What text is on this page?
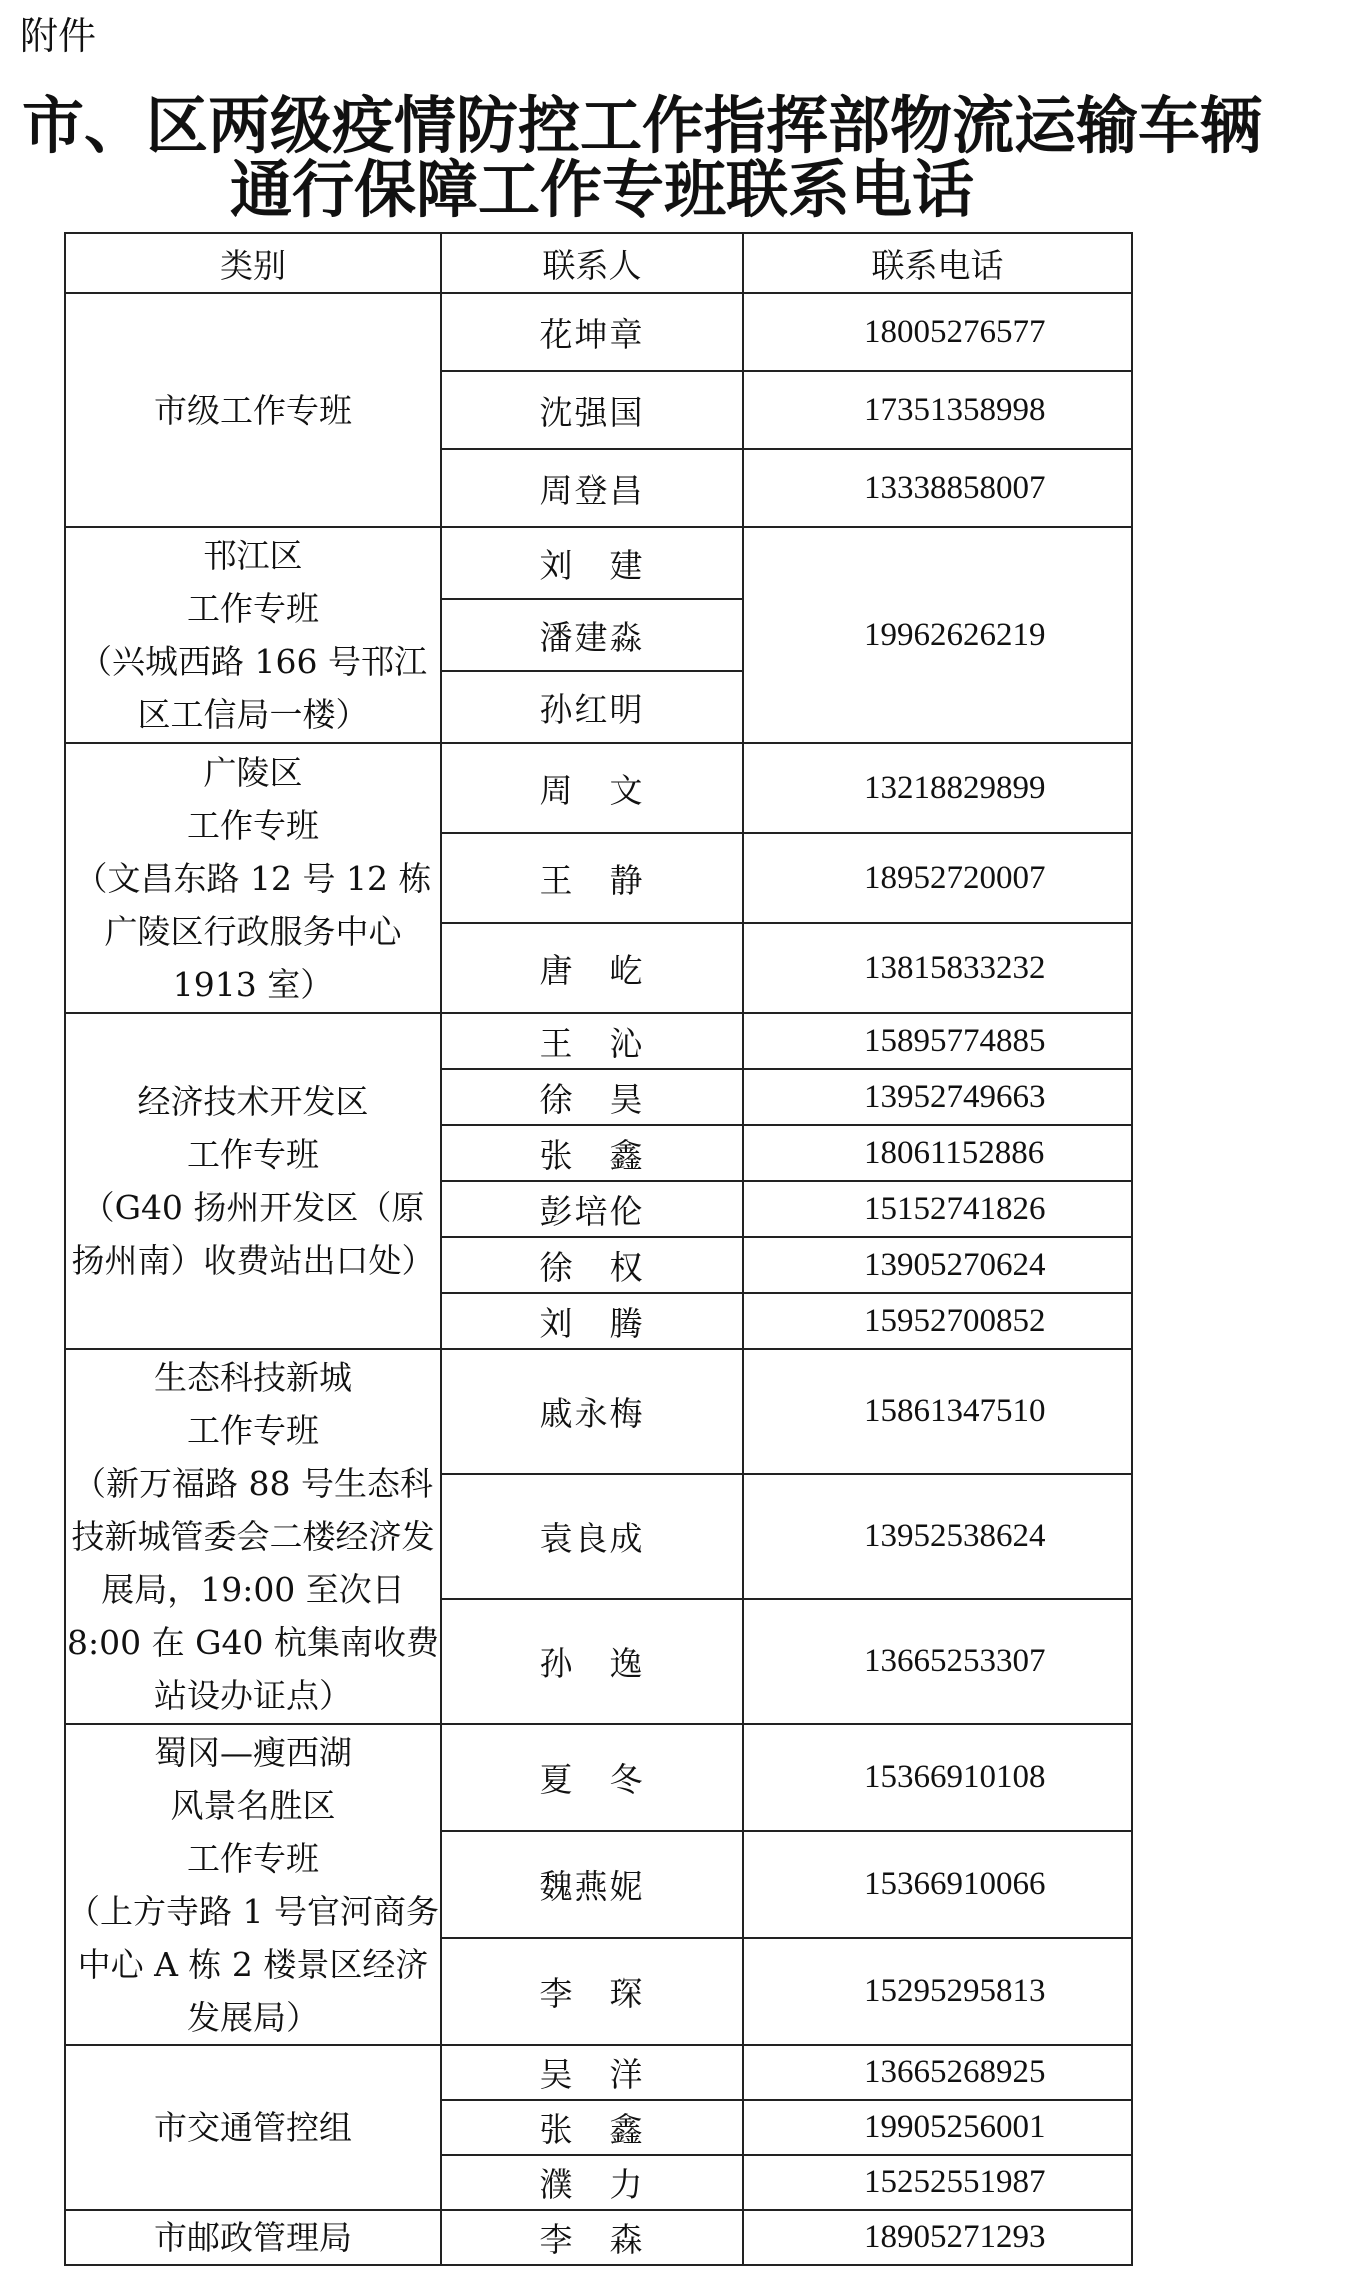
附件
市、区两级疫情防控工作指挥部物流运输车辆
通行保障工作专班联系电话
类别	联系人	联系电话
市级工作专班	花坤章	18005276577
	沈强国	17351358998
	周登昌	13338858007
邗江区
工作专班
（兴城西路 166 号邗江区工信局一楼）	刘　建	19962626219
	潘建淼	
	孙红明	
广陵区
工作专班
（文昌东路 12 号 12 栋广陵区行政服务中心 1913 室）	周　文	13218829899
	王　静	18952720007
	唐　屹	13815833232
经济技术开发区
工作专班
（G40 扬州开发区（原扬州南）收费站出口处）	王　沁	15895774885
	徐　昊	13952749663
	张　鑫	18061152886
	彭培伦	15152741826
	徐　权	13905270624
	刘　腾	15952700852
生态科技新城
工作专班
（新万福路 88 号生态科技新城管委会二楼经济发展局，19:00 至次日 8:00 在 G40 杭集南收费站设办证点）	戚永梅	15861347510
	袁良成	13952538624
	孙　逸	13665253307
蜀冈—瘦西湖
风景名胜区
工作专班
（上方寺路 1 号官河商务中心 A 栋 2 楼景区经济发展局）	夏　冬	15366910108
	魏燕妮	15366910066
	李　琛	15295295813
市交通管控组	吴　洋	13665268925
	张　鑫	19905256001
	濮　力	15252551987
市邮政管理局	李　森	18905271293
